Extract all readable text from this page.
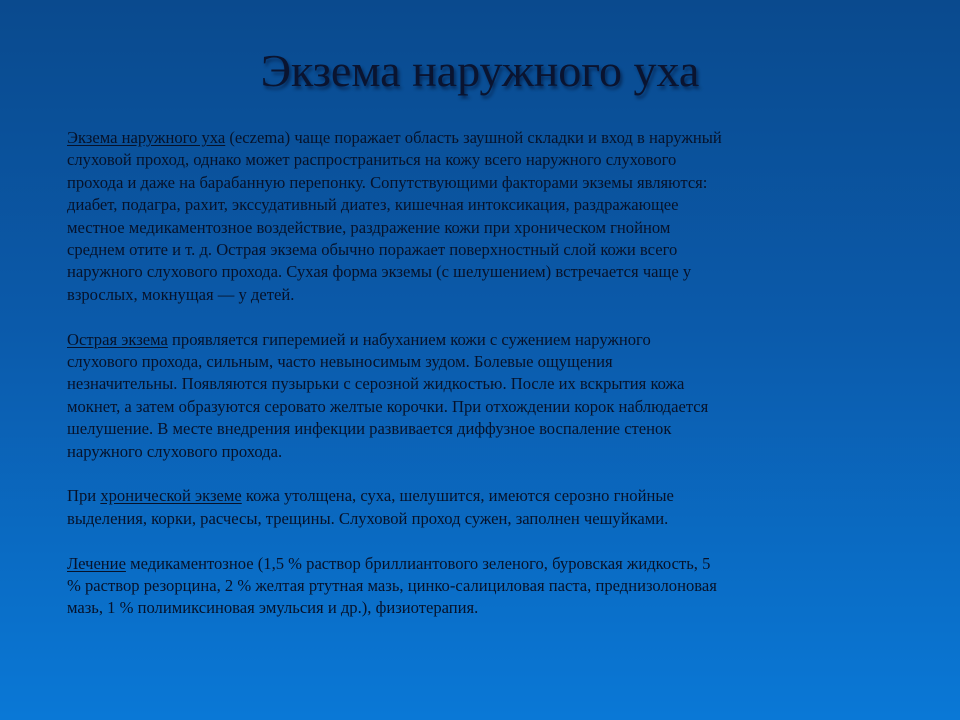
Экзема наружного уха

Экзема наружного уха (eczema) чаще поражает область заушной складки и вход в наружный слуховой проход, однако может распространиться на кожу всего наружного слухового прохода и даже на барабанную перепонку. Сопутствующими факторами экземы являются: диабет, подагра, рахит, экссудативный диатез, кишечная интоксикация, раздражающее местное медикаментозное воздействие, раздражение кожи при хроническом гнойном среднем отите и т. д. Острая экзема обычно поражает поверхностный слой кожи всего наружного слухового прохода. Сухая форма экземы (с шелушением) встречается чаще у взрослых, мокнущая — у детей.

Острая экзема проявляется гиперемией и набуханием кожи с сужением наружного слухового прохода, сильным, часто невыносимым зудом. Болевые ощущения незначительны. Появляются пузырьки с серозной жидкостью. После их вскрытия кожа мокнет, а затем образуются серовато желтые корочки. При отхождении корок наблюдается шелушение. В месте внедрения инфекции развивается диффузное воспаление стенок наружного слухового прохода.

При хронической экземе кожа утолщена, суха, шелушится, имеются серозно гнойные выделения, корки, расчесы, трещины. Слуховой проход сужен, заполнен чешуйками.

Лечение медикаментозное (1,5 % раствор бриллиантового зеленого, буровская жидкость, 5 % раствор резорцина, 2 % желтая ртутная мазь, цинко-салициловая паста, преднизолоновая мазь, 1 % полимиксиновая эмульсия и др.), физиотерапия.
